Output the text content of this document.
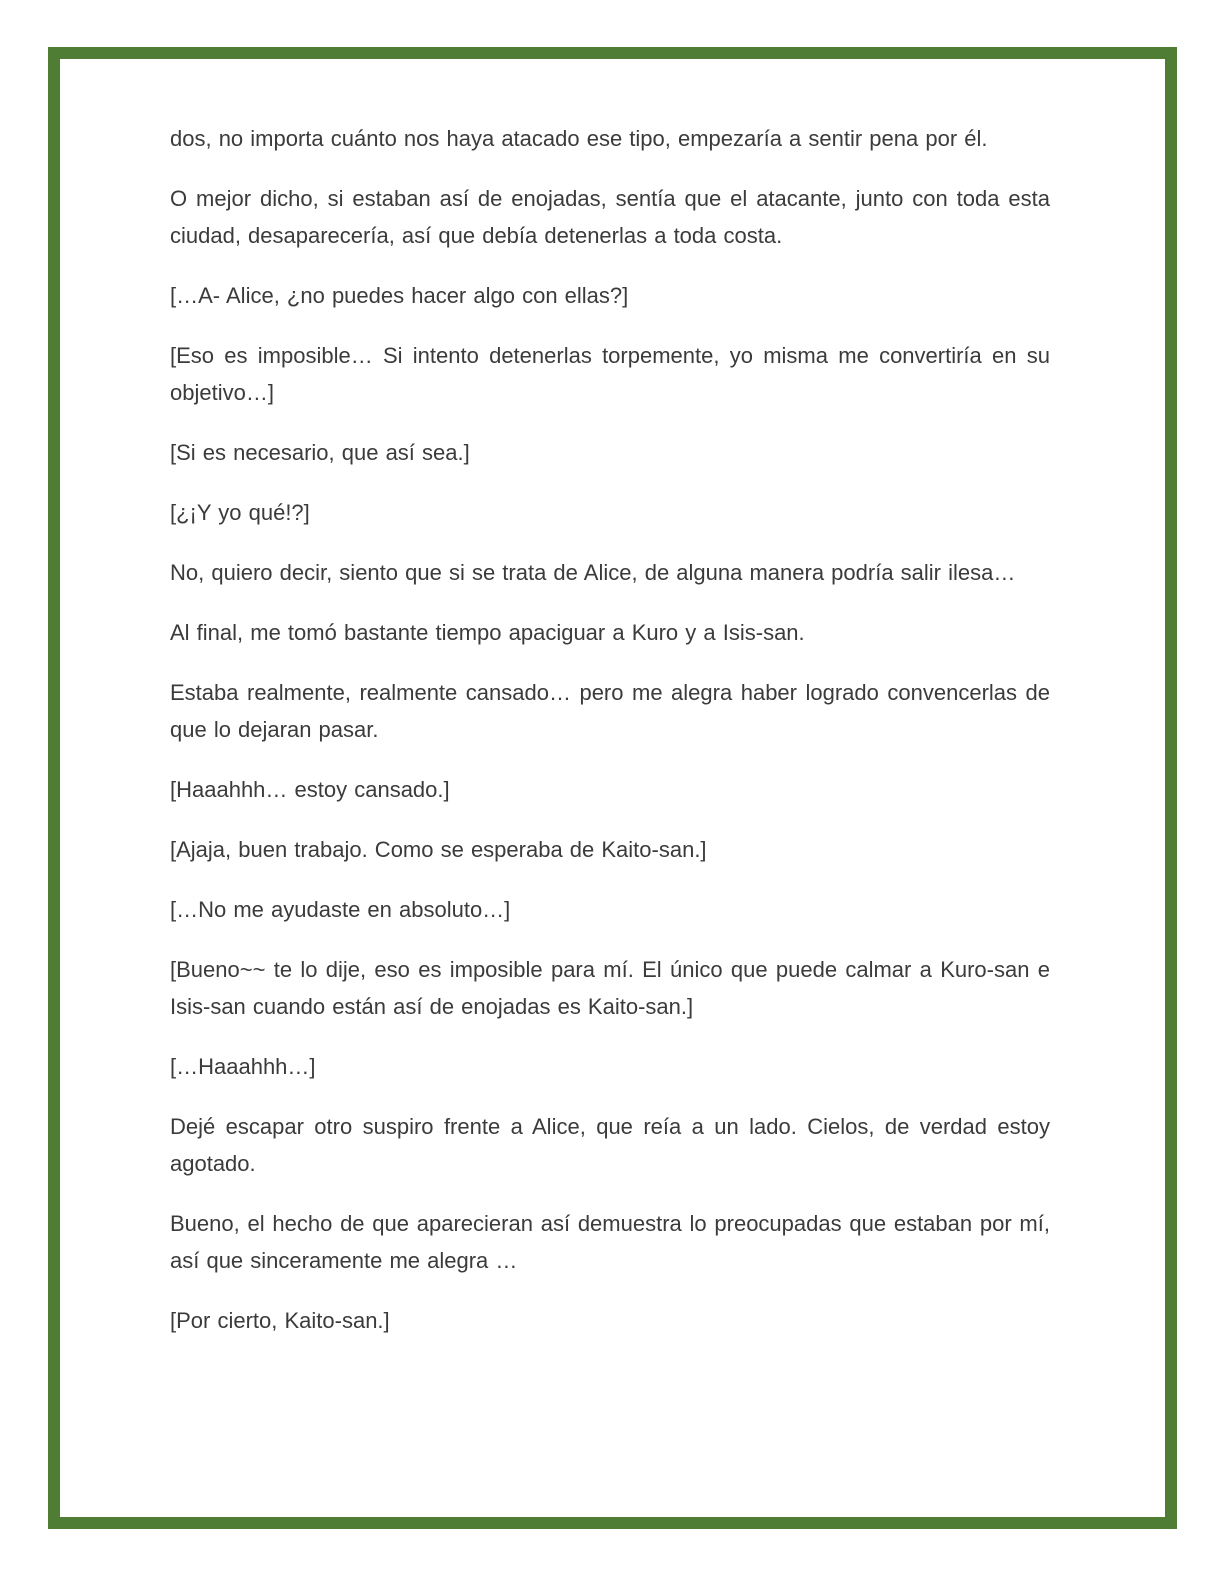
dos, no importa cuánto nos haya atacado ese tipo, empezaría a sentir pena por él.

O mejor dicho, si estaban así de enojadas, sentía que el atacante, junto con toda esta ciudad, desaparecería, así que debía detenerlas a toda costa.

[…A- Alice, ¿no puedes hacer algo con ellas?]

[Eso es imposible… Si intento detenerlas torpemente, yo misma me convertiría en su objetivo…]

[Si es necesario, que así sea.]

[¿¡Y yo qué!?]

No, quiero decir, siento que si se trata de Alice, de alguna manera podría salir ilesa…

Al final, me tomó bastante tiempo apaciguar a Kuro y a Isis-san.

Estaba realmente, realmente cansado… pero me alegra haber logrado convencerlas de que lo dejaran pasar.

[Haaahhh… estoy cansado.]

[Ajaja, buen trabajo. Como se esperaba de Kaito-san.]

[…No me ayudaste en absoluto…]

[Bueno~~ te lo dije, eso es imposible para mí. El único que puede calmar a Kuro-san e Isis-san cuando están así de enojadas es Kaito-san.]

[…Haaahhh…]

Dejé escapar otro suspiro frente a Alice, que reía a un lado. Cielos, de verdad estoy agotado.

Bueno, el hecho de que aparecieran así demuestra lo preocupadas que estaban por mí, así que sinceramente me alegra …

[Por cierto, Kaito-san.]
